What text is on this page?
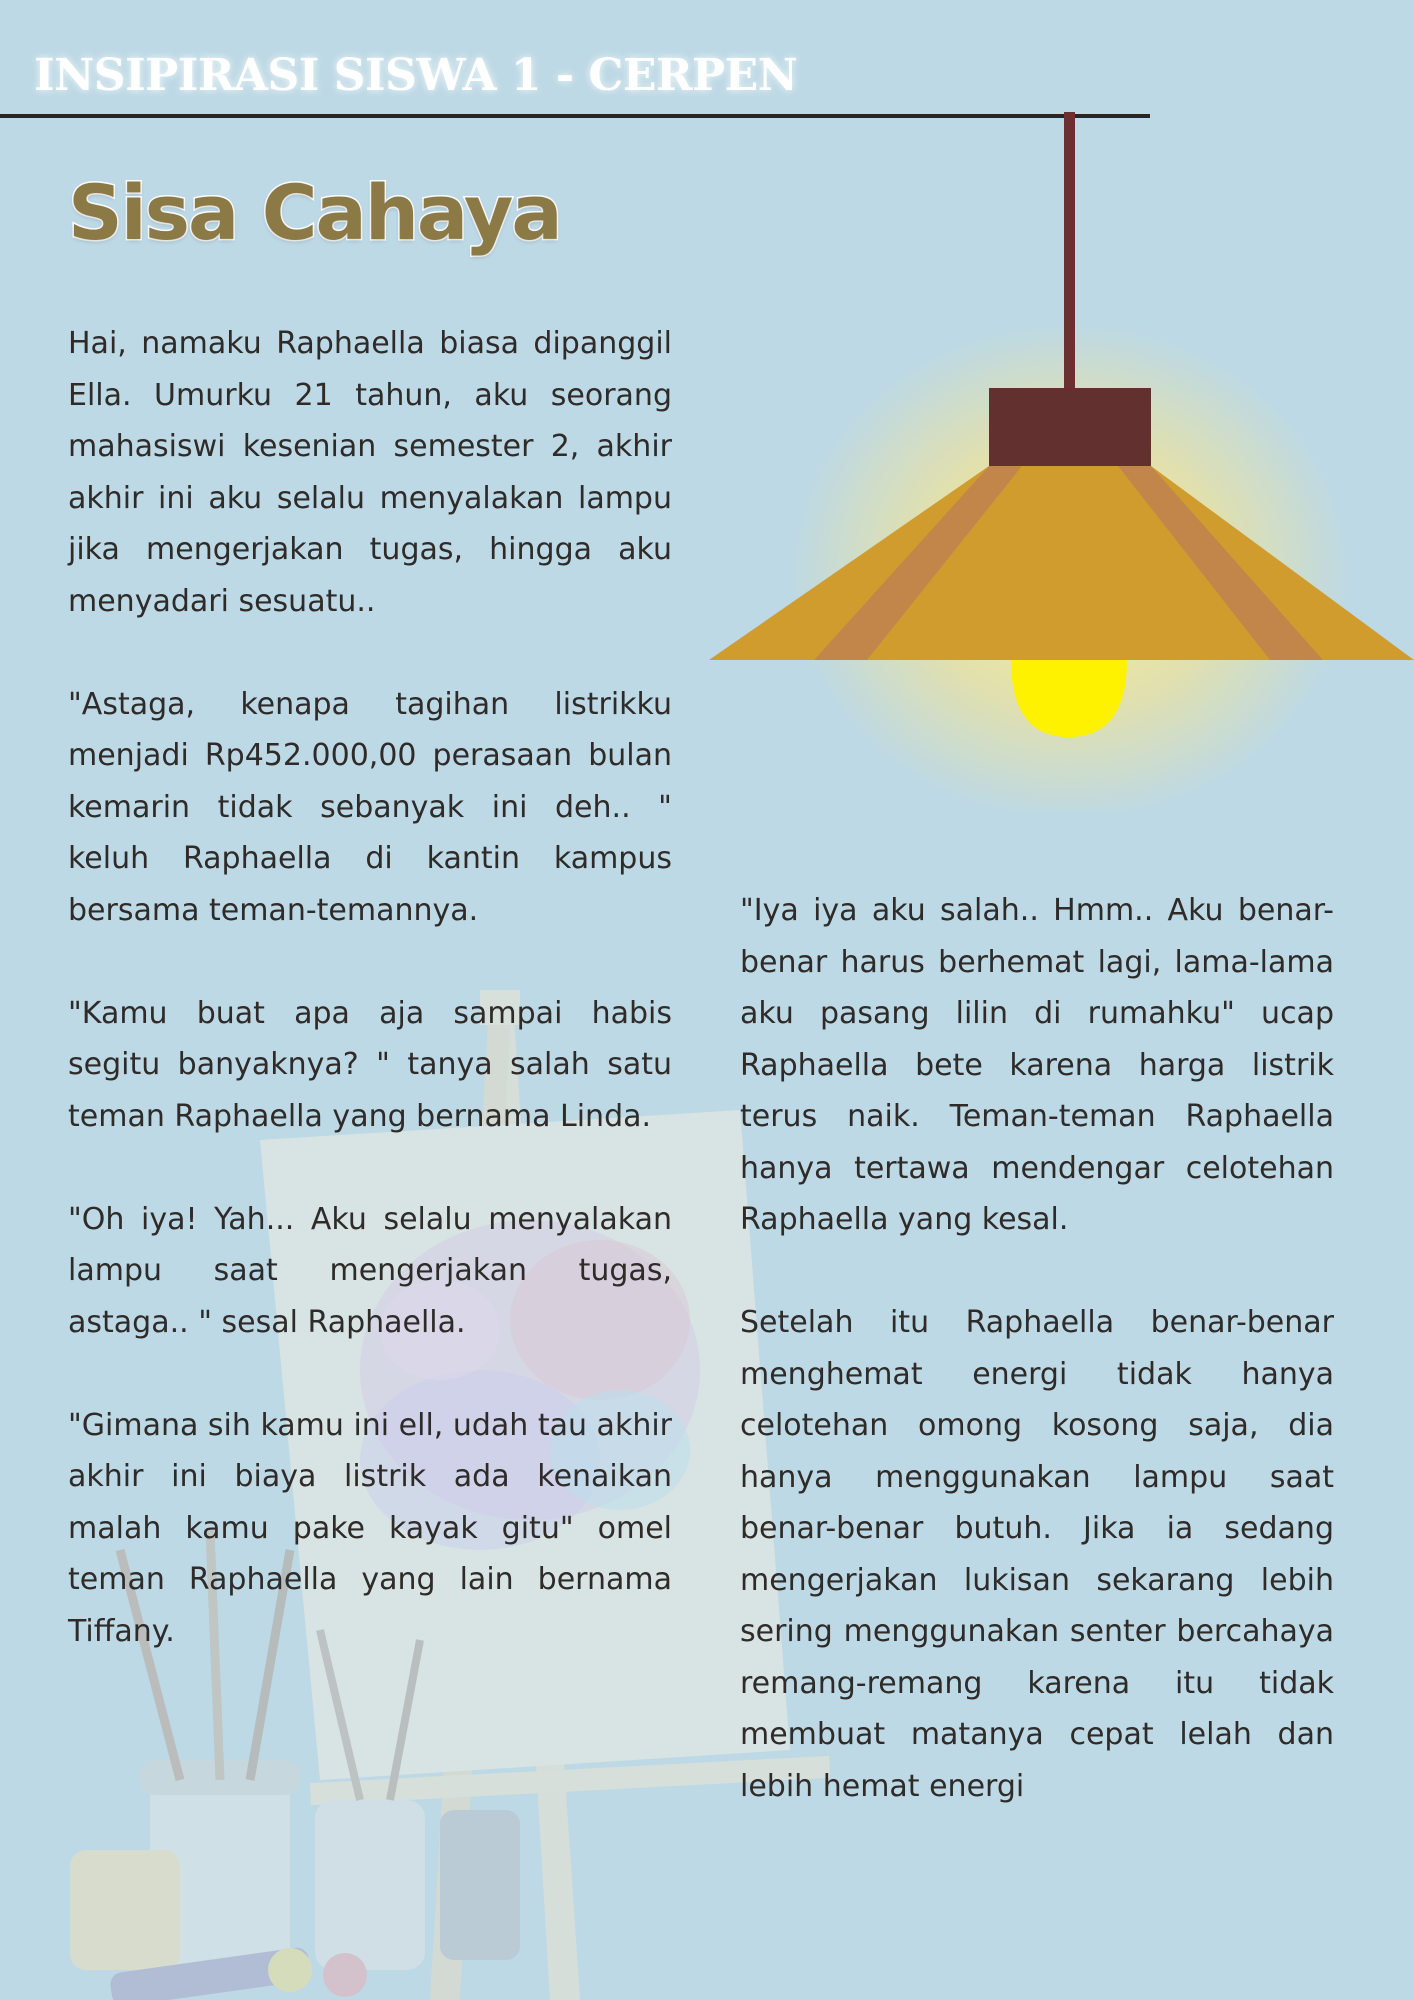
INSIPIRASI SISWA 1 - CERPEN
Sisa Cahaya

Hai, namaku Raphaella biasa dipanggil Ella. Umurku 21 tahun, aku seorang mahasiswi kesenian semester 2, akhir akhir ini aku selalu menyalakan lampu jika mengerjakan tugas, hingga aku menyadari sesuatu..

"Astaga, kenapa tagihan listrikku menjadi Rp452.000,00 perasaan bulan kemarin tidak sebanyak ini deh.. " keluh Raphaella di kantin kampus bersama teman-temannya.

"Kamu buat apa aja sampai habis segitu banyaknya? " tanya salah satu teman Raphaella yang bernama Linda.

"Oh iya! Yah... Aku selalu menyalakan lampu saat mengerjakan tugas, astaga.. " sesal Raphaella.

"Gimana sih kamu ini ell, udah tau akhir akhir ini biaya listrik ada kenaikan malah kamu pake kayak gitu" omel teman Raphaella yang lain bernama Tiffany.

"Iya iya aku salah.. Hmm.. Aku benar-benar harus berhemat lagi, lama-lama aku pasang lilin di rumahku" ucap Raphaella bete karena harga listrik terus naik. Teman-teman Raphaella hanya tertawa mendengar celotehan Raphaella yang kesal.

Setelah itu Raphaella benar-benar menghemat energi tidak hanya celotehan omong kosong saja, dia hanya menggunakan lampu saat benar-benar butuh. Jika ia sedang mengerjakan lukisan sekarang lebih sering menggunakan senter bercahaya remang-remang karena itu tidak membuat matanya cepat lelah dan lebih hemat energi
